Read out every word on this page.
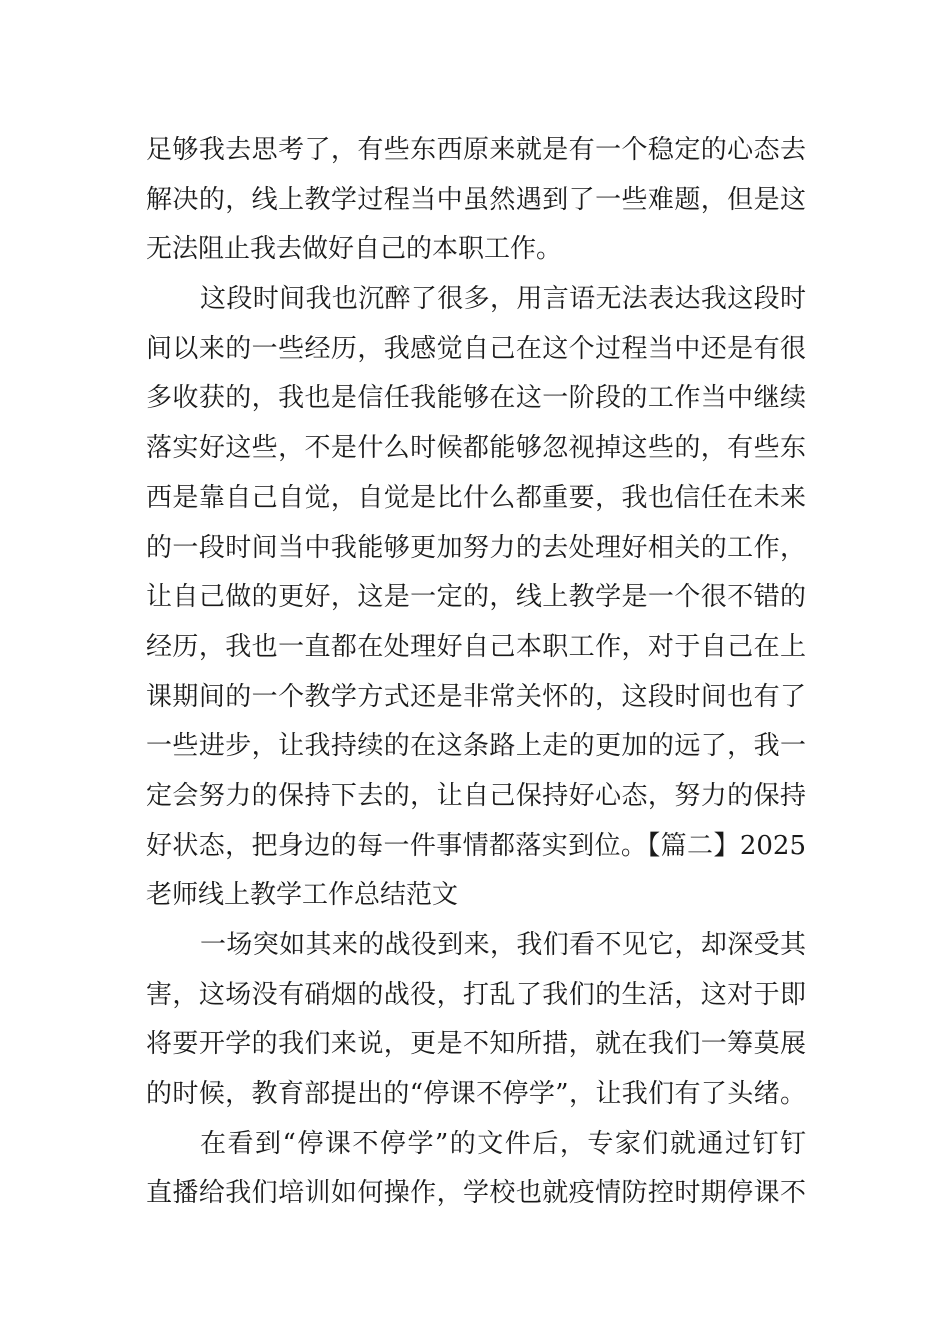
足够我去思考了，有些东西原来就是有一个稳定的心态去
解决的，线上教学过程当中虽然遇到了一些难题，但是这
无法阻止我去做好自己的本职工作。
这段时间我也沉醉了很多，用言语无法表达我这段时
间以来的一些经历，我感觉自己在这个过程当中还是有很
多收获的，我也是信任我能够在这一阶段的工作当中继续
落实好这些，不是什么时候都能够忽视掉这些的，有些东
西是靠自己自觉，自觉是比什么都重要，我也信任在未来
的一段时间当中我能够更加努力的去处理好相关的工作，
让自己做的更好，这是一定的，线上教学是一个很不错的
经历，我也一直都在处理好自己本职工作，对于自己在上
课期间的一个教学方式还是非常关怀的，这段时间也有了
一些进步，让我持续的在这条路上走的更加的远了，我一
定会努力的保持下去的，让自己保持好心态，努力的保持
好状态，把身边的每一件事情都落实到位。【篇二】2025
老师线上教学工作总结范文
一场突如其来的战役到来，我们看不见它，却深受其
害，这场没有硝烟的战役，打乱了我们的生活，这对于即
将要开学的我们来说，更是不知所措，就在我们一筹莫展
的时候，教育部提出的“停课不停学”，让我们有了头绪。
在看到“停课不停学”的文件后，专家们就通过钉钉
直播给我们培训如何操作，学校也就疫情防控时期停课不
